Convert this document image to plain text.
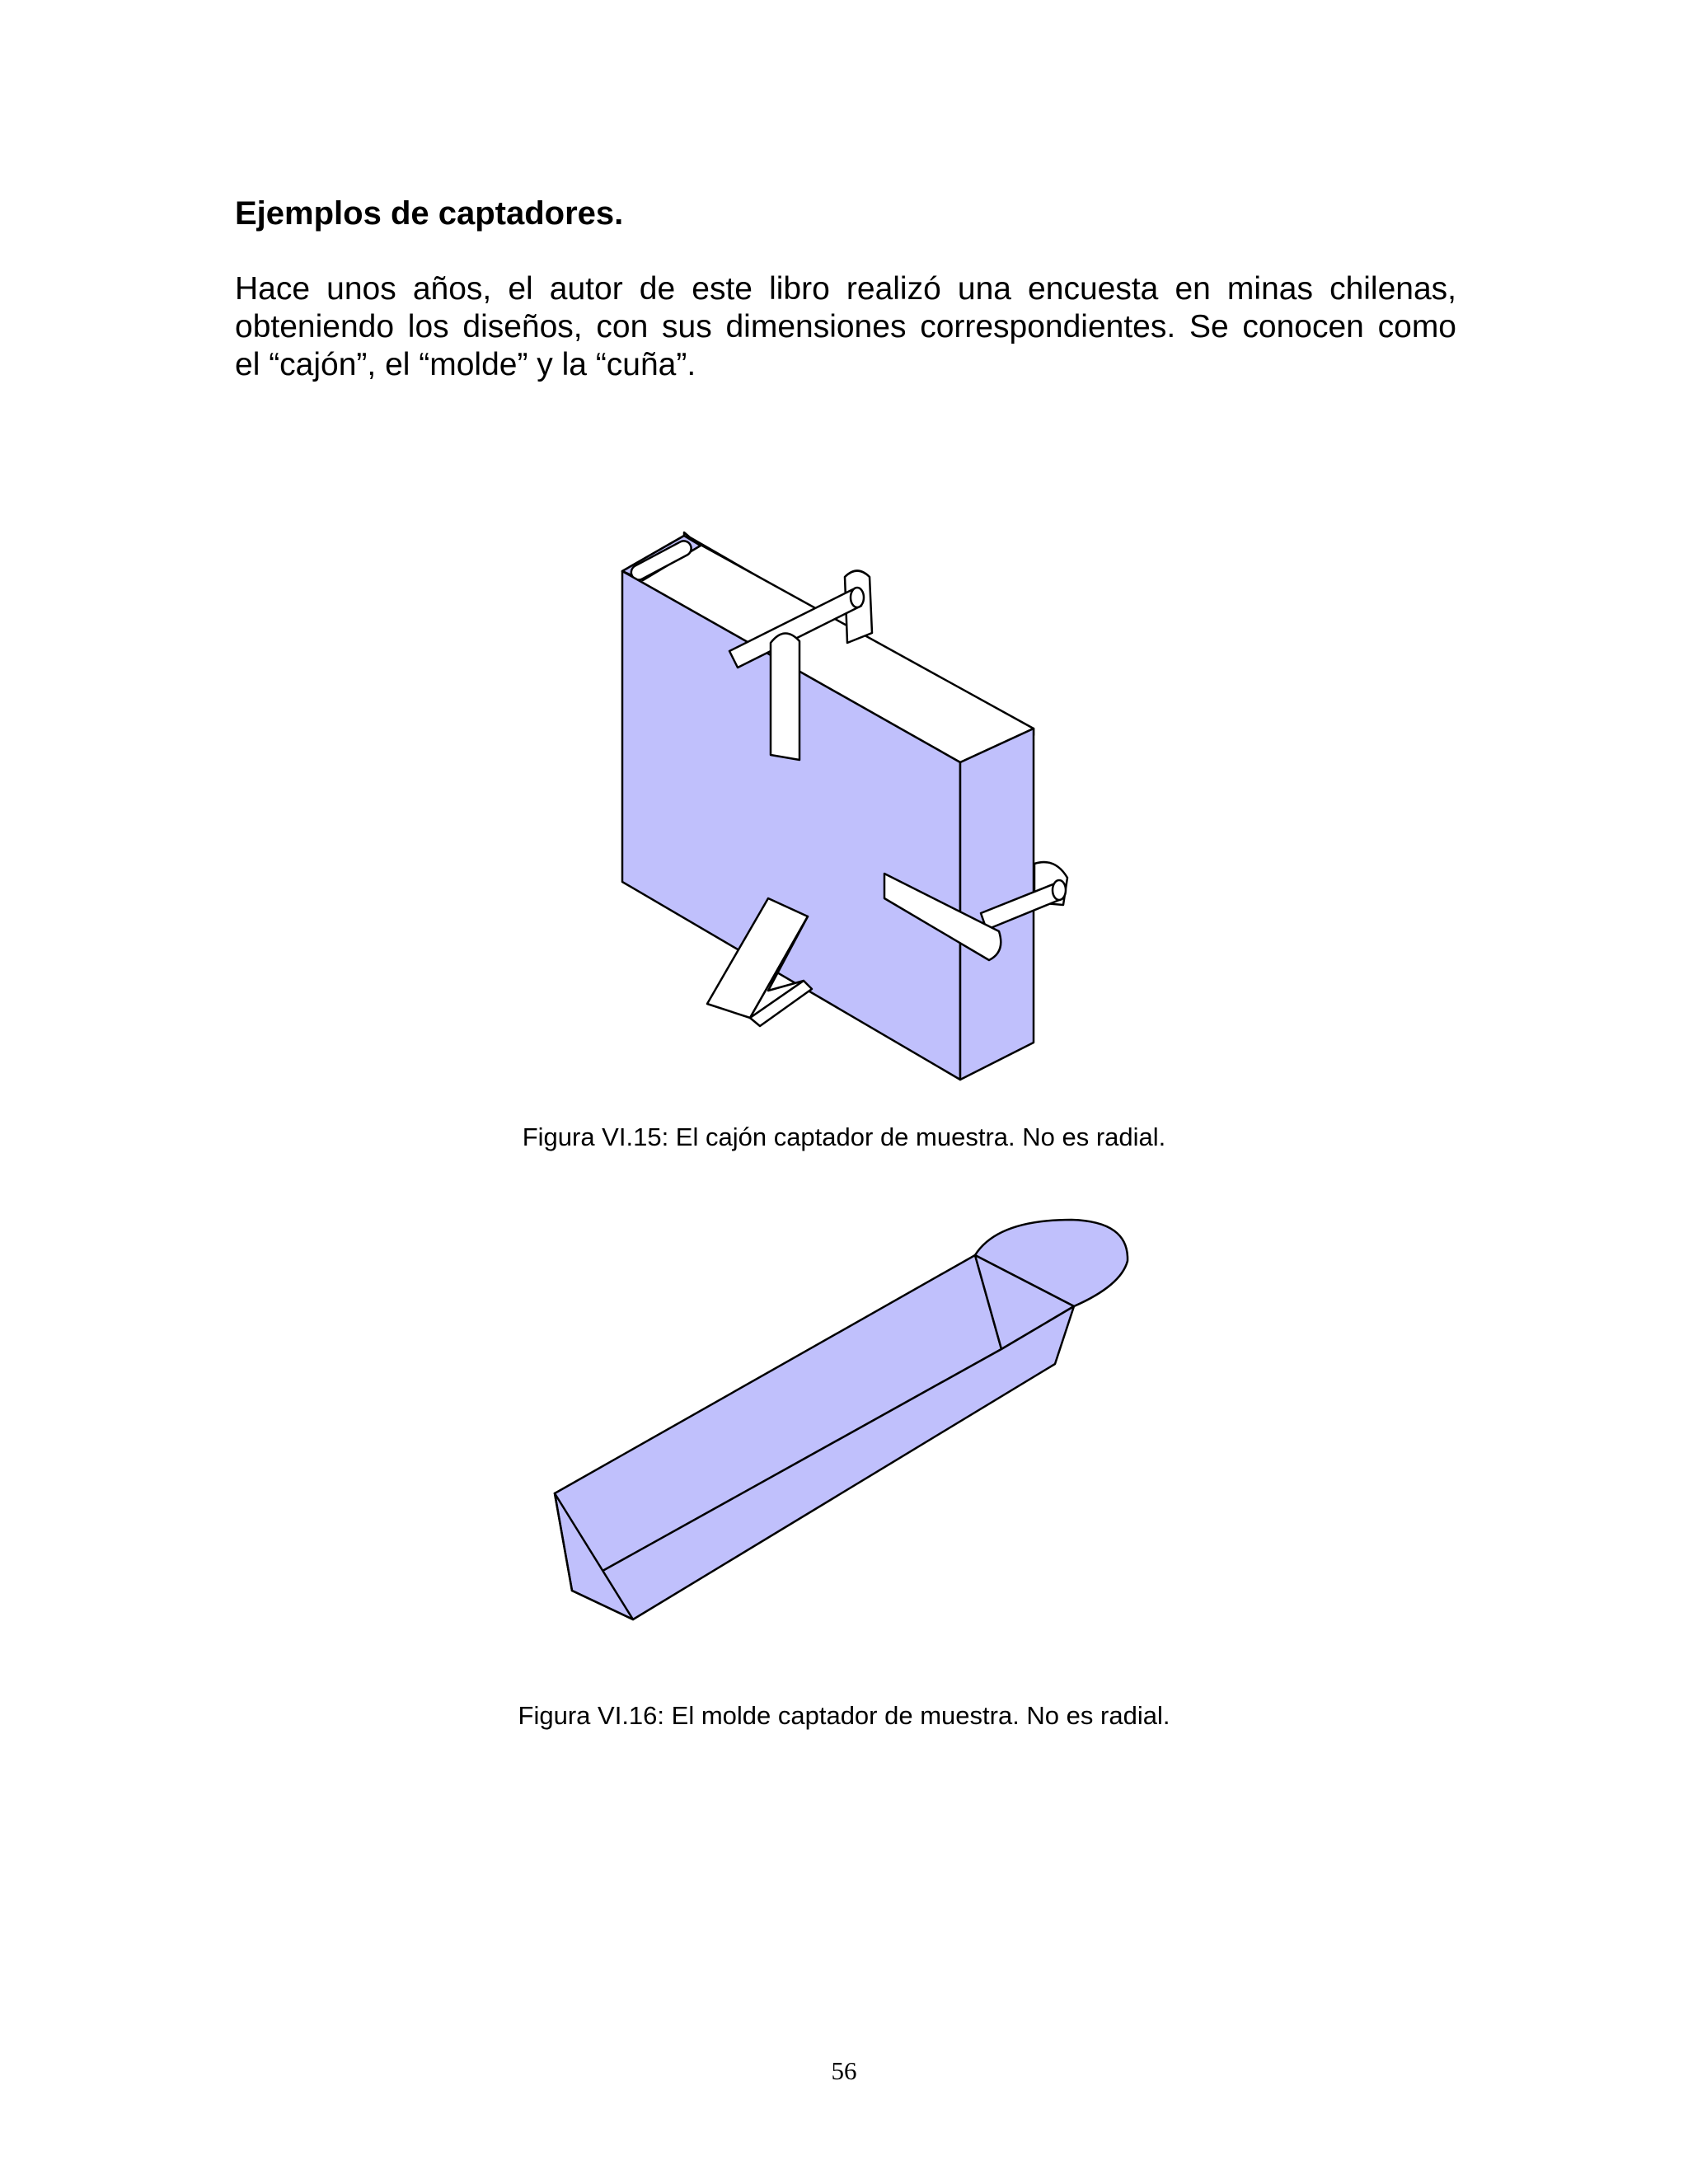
Ejemplos de captadores.
Hace unos años, el autor de este libro realizó una encuesta en minas chilenas,
obteniendo los diseños, con sus dimensiones correspondientes. Se conocen como
el “cajón”, el “molde” y la “cuña”.

Figura VI.15: El cajón captador de muestra. No es radial.

Figura VI.16: El molde captador de muestra. No es radial.

56
